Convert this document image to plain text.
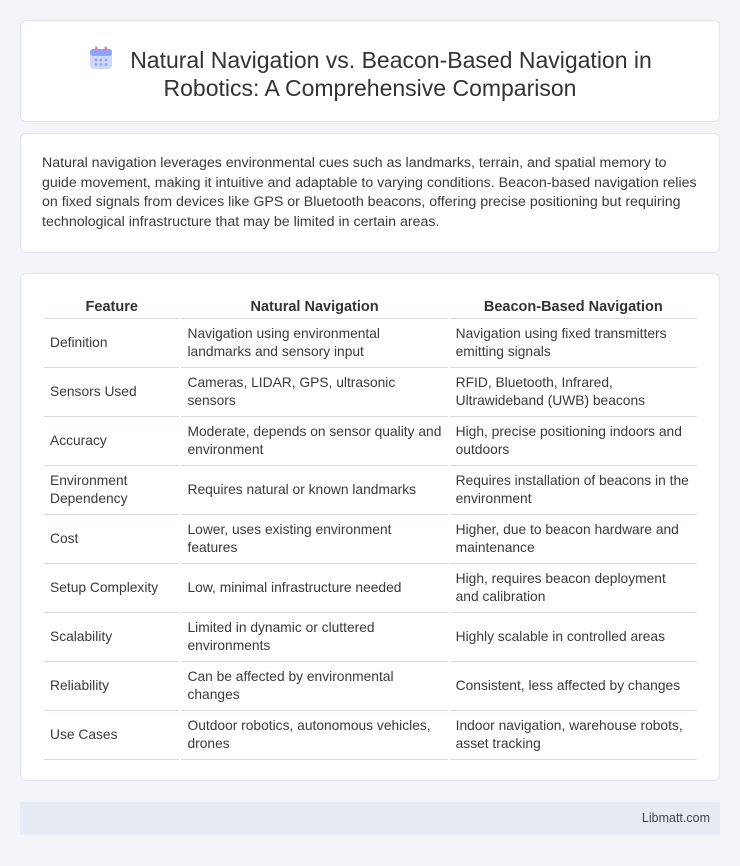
Natural Navigation vs. Beacon-Based Navigation in
Robotics: A Comprehensive Comparison

Natural navigation leverages environmental cues such as landmarks, terrain, and spatial memory to guide movement, making it intuitive and adaptable to varying conditions. Beacon-based navigation relies on fixed signals from devices like GPS or Bluetooth beacons, offering precise positioning but requiring technological infrastructure that may be limited in certain areas.

Feature	Natural Navigation	Beacon-Based Navigation
Definition	Navigation using environmental landmarks and sensory input	Navigation using fixed transmitters emitting signals
Sensors Used	Cameras, LIDAR, GPS, ultrasonic sensors	RFID, Bluetooth, Infrared, Ultrawideband (UWB) beacons
Accuracy	Moderate, depends on sensor quality and environment	High, precise positioning indoors and outdoors
Environment Dependency	Requires natural or known landmarks	Requires installation of beacons in the environment
Cost	Lower, uses existing environment features	Higher, due to beacon hardware and maintenance
Setup Complexity	Low, minimal infrastructure needed	High, requires beacon deployment and calibration
Scalability	Limited in dynamic or cluttered environments	Highly scalable in controlled areas
Reliability	Can be affected by environmental changes	Consistent, less affected by changes
Use Cases	Outdoor robotics, autonomous vehicles, drones	Indoor navigation, warehouse robots, asset tracking
Libmatt.com
